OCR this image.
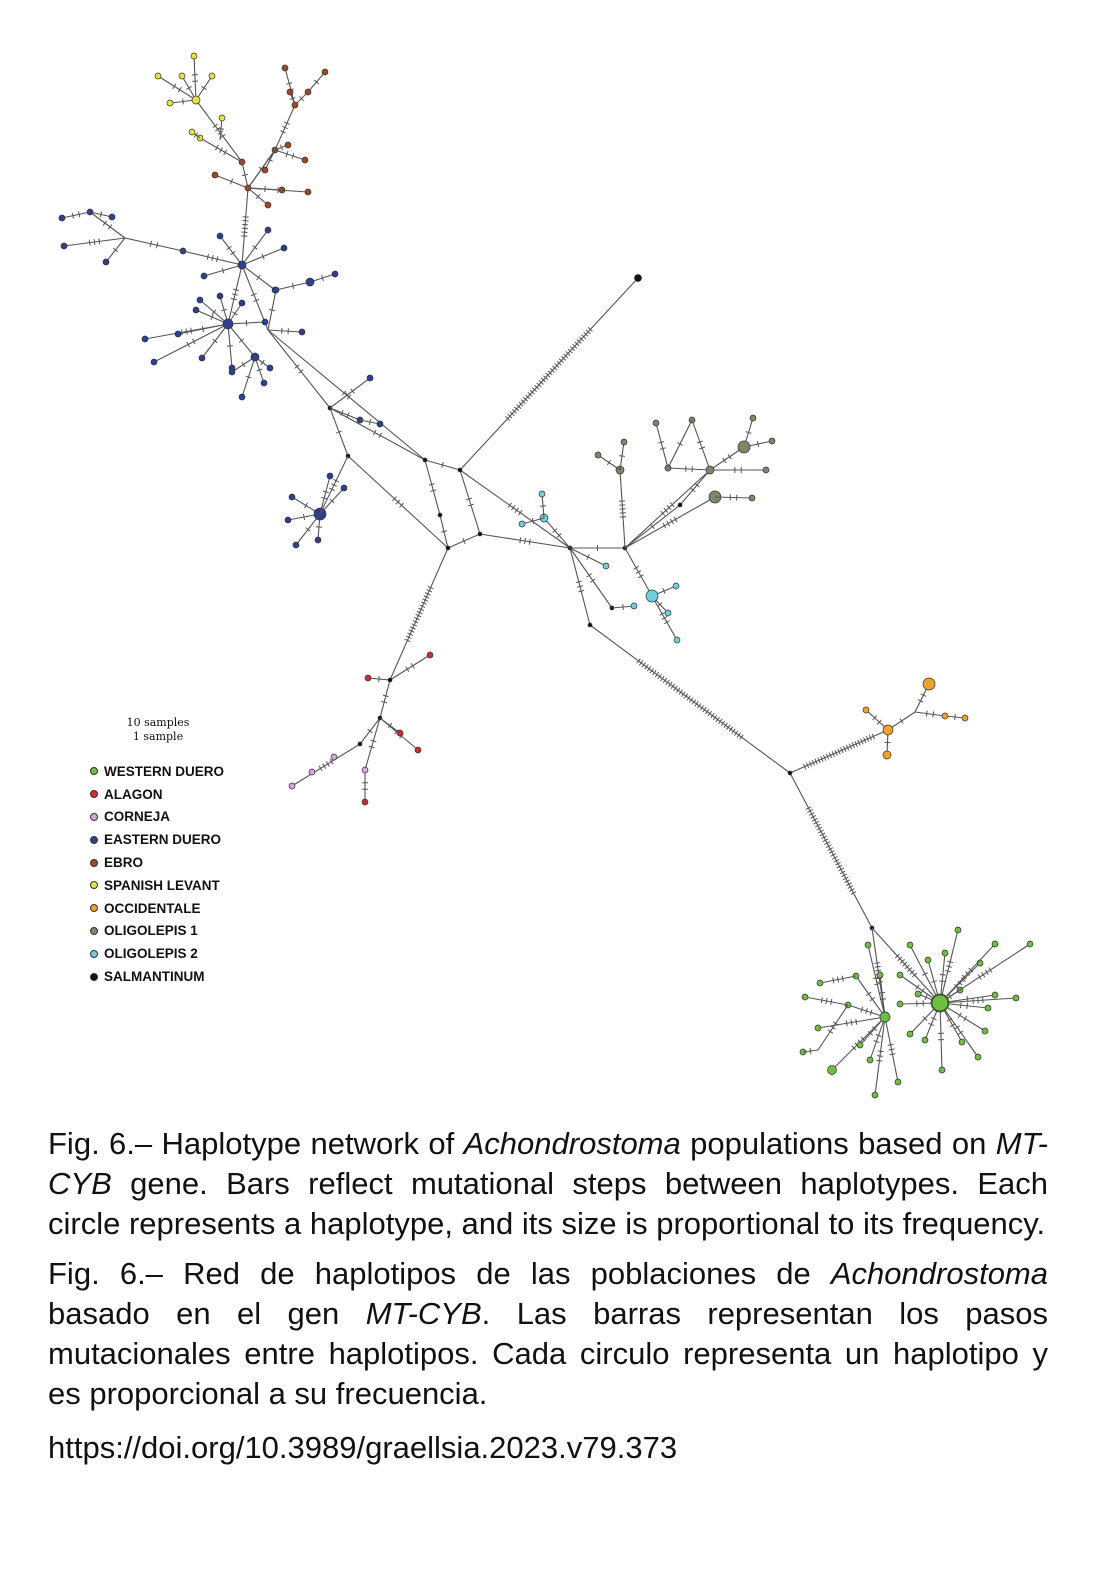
10 samples
1 sample
WESTERN DUERO
ALAGON
CORNEJA
EASTERN DUERO
EBRO
SPANISH LEVANT
OCCIDENTALE
OLIGOLEPIS 1
OLIGOLEPIS 2
SALMANTINUM

Fig. 6.– Haplotype network of Achondrostoma populations based on MT-CYB gene. Bars reflect mutational steps between haplotypes. Each circle represents a haplotype, and its size is proportional to its frequency.

Fig. 6.– Red de haplotipos de las poblaciones de Achondrostoma basado en el gen MT-CYB. Las barras representan los pasos mutacionales entre haplotipos. Cada circulo representa un haplotipo y es proporcional a su frecuencia.

https://doi.org/10.3989/graellsia.2023.v79.373
